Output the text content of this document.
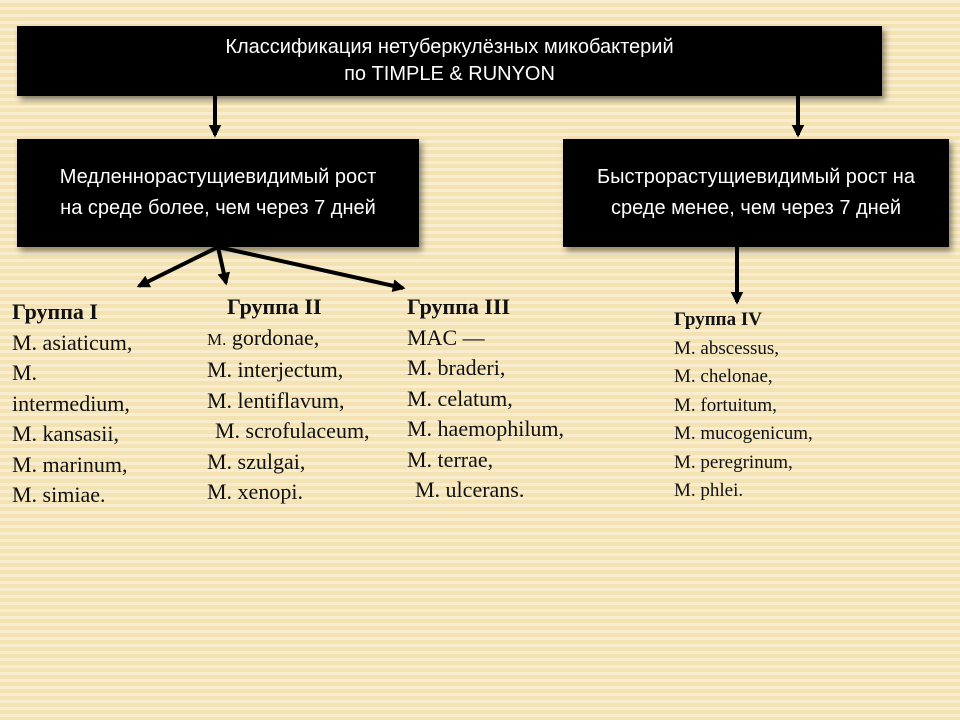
Классификация нетуберкулёзных микобактерий
по TIMPLE & RUNYON
Медленнорастущиевидимый рост
на среде более, чем через 7 дней
Быстрорастущиевидимый рост на
среде менее, чем через 7 дней
Группа I
M. asiaticum,
M.
intermedium,
M. kansasii,
M. marinum,
M. simiae.
Группа II
M. gordonae,
M. interjectum,
M. lentiflavum,
M. scrofulaceum,
M. szulgai,
M. xenopi.
Группа III
MAC —
M. braderi,
M. celatum,
M. haemophilum,
M. terrae,
M. ulcerans.
Группа IV
M. abscessus,
M. chelonae,
M. fortuitum,
M. mucogenicum,
M. peregrinum,
M. phlei.
